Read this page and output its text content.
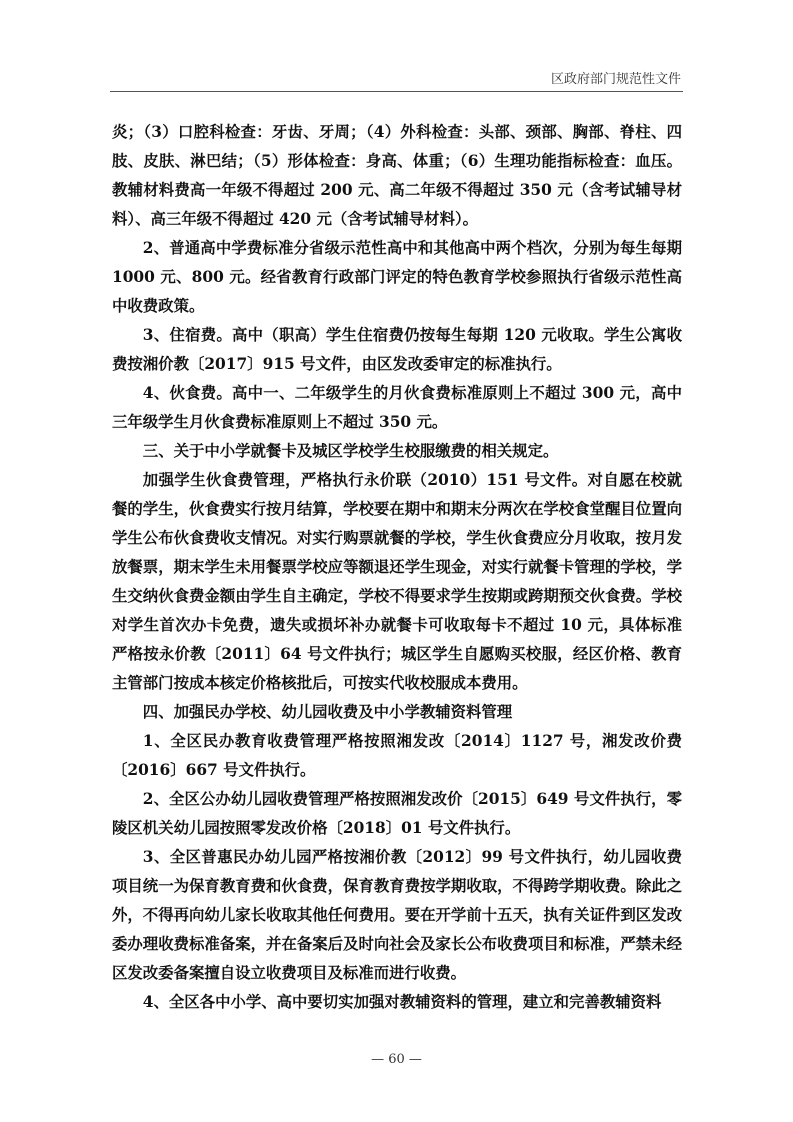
区政府部门规范性文件

炎；（3）口腔科检查：牙齿、牙周；（4）外科检查：头部、颈部、胸部、脊柱、四肢、皮肤、淋巴结；（5）形体检查：身高、体重；（6）生理功能指标检查：血压。教辅材料费高一年级不得超过 200 元、高二年级不得超过 350 元（含考试辅导材料）、高三年级不得超过 420 元（含考试辅导材料）。

2、普通高中学费标准分省级示范性高中和其他高中两个档次，分别为每生每期 1000 元、800 元。经省教育行政部门评定的特色教育学校参照执行省级示范性高中收费政策。

3、住宿费。高中（职高）学生住宿费仍按每生每期 120 元收取。学生公寓收费按湘价教〔2017〕915 号文件，由区发改委审定的标准执行。

4、伙食费。高中一、二年级学生的月伙食费标准原则上不超过 300 元，高中三年级学生月伙食费标准原则上不超过 350 元。

三、关于中小学就餐卡及城区学校学生校服缴费的相关规定。

加强学生伙食费管理，严格执行永价联（2010）151 号文件。对自愿在校就餐的学生，伙食费实行按月结算，学校要在期中和期末分两次在学校食堂醒目位置向学生公布伙食费收支情况。对实行购票就餐的学校，学生伙食费应分月收取，按月发放餐票，期末学生未用餐票学校应等额退还学生现金，对实行就餐卡管理的学校，学生交纳伙食费金额由学生自主确定，学校不得要求学生按期或跨期预交伙食费。学校对学生首次办卡免费，遗失或损坏补办就餐卡可收取每卡不超过 10 元，具体标准严格按永价教〔2011〕64 号文件执行；城区学生自愿购买校服，经区价格、教育主管部门按成本核定价格核批后，可按实代收校服成本费用。

四、加强民办学校、幼儿园收费及中小学教辅资料管理

1、全区民办教育收费管理严格按照湘发改〔2014〕1127 号，湘发改价费〔2016〕667 号文件执行。

2、全区公办幼儿园收费管理严格按照湘发改价〔2015〕649 号文件执行，零陵区机关幼儿园按照零发改价格〔2018〕01 号文件执行。

3、全区普惠民办幼儿园严格按湘价教〔2012〕99 号文件执行，幼儿园收费项目统一为保育教育费和伙食费，保育教育费按学期收取，不得跨学期收费。除此之外，不得再向幼儿家长收取其他任何费用。要在开学前十五天，执有关证件到区发改委办理收费标准备案，并在备案后及时向社会及家长公布收费项目和标准，严禁未经区发改委备案擅自设立收费项目及标准而进行收费。

4、全区各中小学、高中要切实加强对教辅资料的管理，建立和完善教辅资料

— 60 —
